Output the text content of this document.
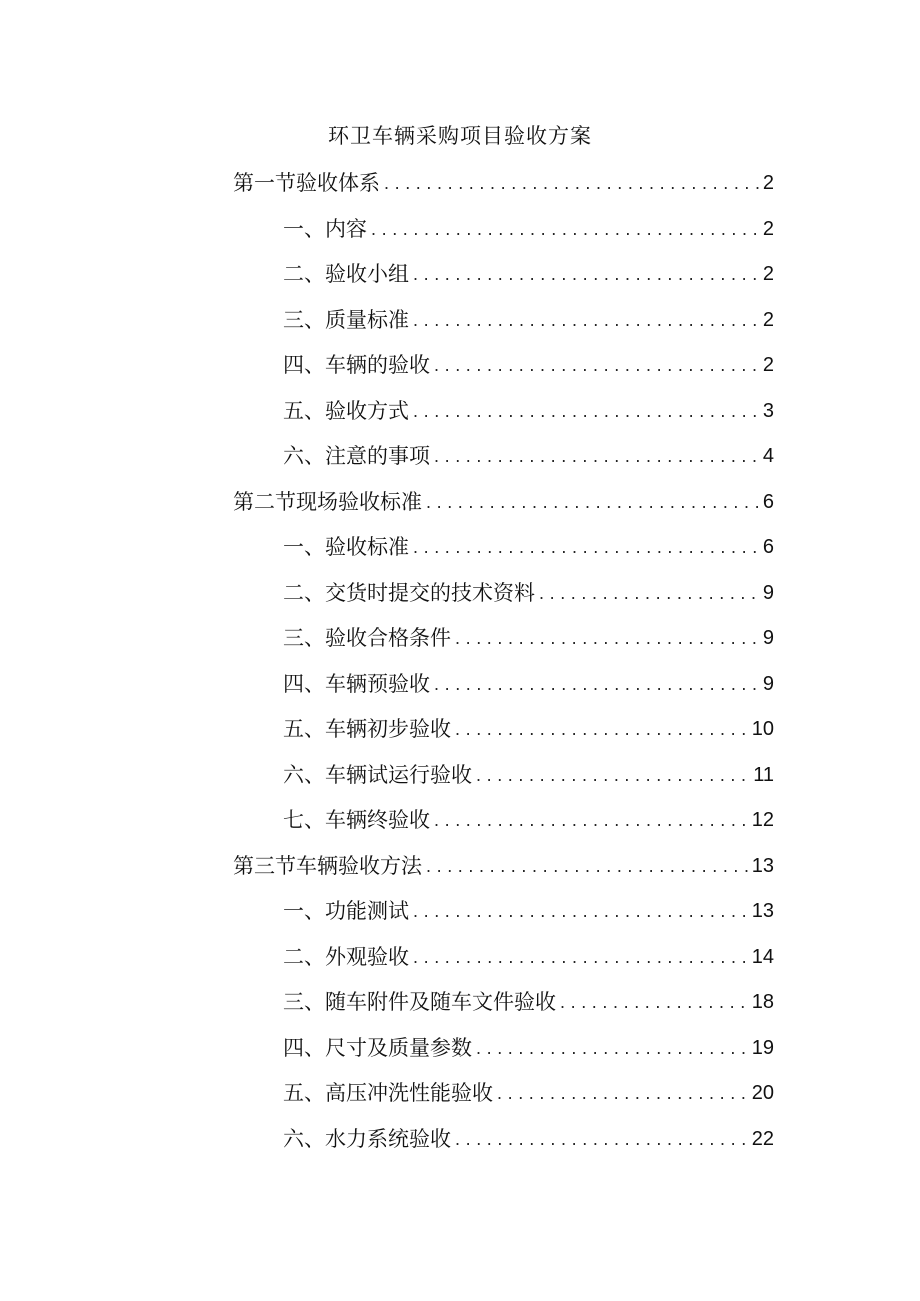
环卫车辆采购项目验收方案
第一节验收体系 .....	2
一、内容 .....	2
二、验收小组 .....	2
三、质量标准 .....	2
四、车辆的验收 .....	2
五、验收方式 .....	3
六、注意的事项 .....	4
第二节现场验收标准 .....	6
一、验收标准 .....	6
二、交货时提交的技术资料 .....	9
三、验收合格条件 .....	9
四、车辆预验收 .....	9
五、车辆初步验收 .....	10
六、车辆试运行验收 .....	11
七、车辆终验收 .....	12
第三节车辆验收方法 .....	13
一、功能测试 .....	13
二、外观验收 .....	14
三、随车附件及随车文件验收 .....	18
四、尺寸及质量参数 .....	19
五、高压冲洗性能验收 .....	20
六、水力系统验收 .....	22
